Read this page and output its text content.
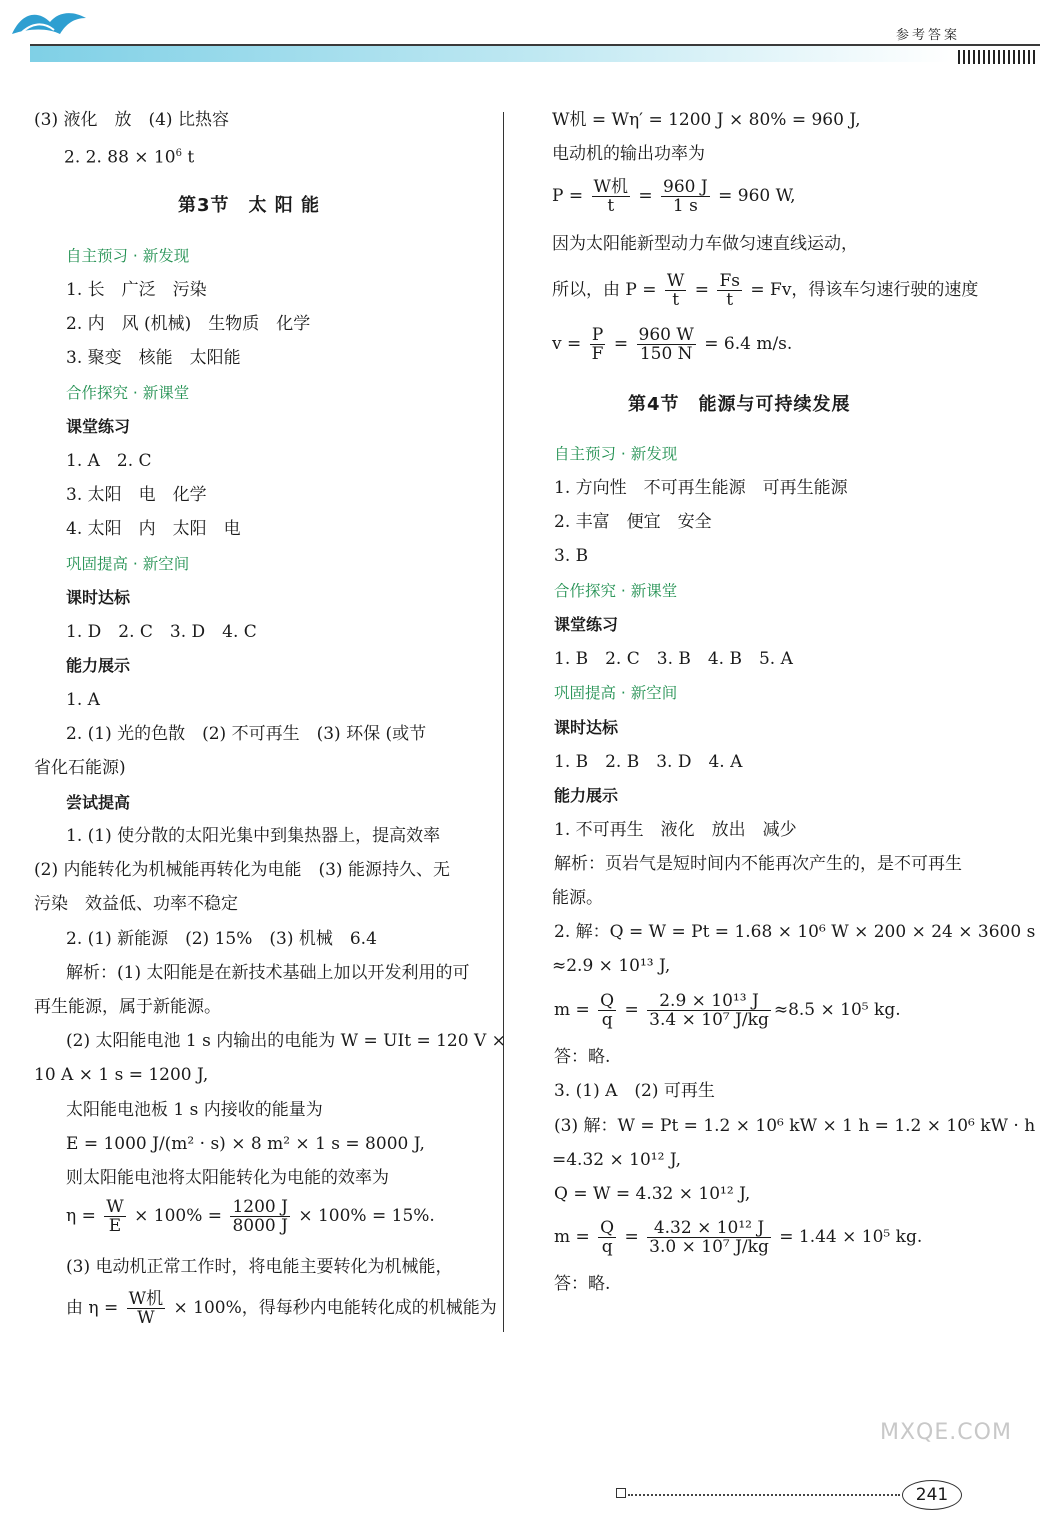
参考答案
(3) 液化　放　(4) 比热容
2. 2. $88 \times 10^6$ t
第3节　太 阳 能
自主预习 · 新发现
1. 长　广泛　污染
2. 内　风 (机械)　生物质　化学
3. 聚变　核能　太阳能
合作探究 · 新课堂
课堂练习
1. A　2. C
3. 太阳　电　化学
4. 太阳　内　太阳　电
巩固提高 · 新空间
课时达标
1. D　2. C　3. D　4. C
能力展示
1. A
2. (1) 光的色散　(2) 不可再生　(3) 环保 (或节
省化石能源)
尝试提高
1. (1) 使分散的太阳光集中到集热器上，提高效率
(2) 内能转化为机械能再转化为电能　(3) 能源持久、无
污染　效益低、功率不稳定
2. (1) 新能源　(2) 15%　(3) 机械　6.4
解析：(1) 太阳能是在新技术基础上加以开发利用的可
再生能源，属于新能源。
(2) 太阳能电池 1 s 内输出的电能为 W = UIt = 120 V ×
10 A × 1 s = 1200 J,
太阳能电池板 1 s 内接收的能量为
E = 1000 J/(m² · s) × 8 m² × 1 s = 8000 J,
则太阳能电池将太阳能转化为电能的效率为
$\eta = \frac{W}{E} \times 100\% = \frac{1200 J}{8000 J} \times 100\% = 15\%$.
(3) 电动机正常工作时，将电能主要转化为机械能，
由 $\eta = \frac{\text{W机}}{W} \times 100\%$，得每秒内电能转化成的机械能为
W机 = Wη′ = 1200 J × 80% = 960 J,
电动机的输出功率为
$P = \frac{\text{W机}}{t} = \frac{960 J}{1 s} = 960$ W,
因为太阳能新型动力车做匀速直线运动，
所以，由 $P = \frac{W}{t} = \frac{Fs}{t} = Fv$，得该车匀速行驶的速度
$v = \frac{P}{F} = \frac{960 W}{150 N} = 6.4$ m/s.
第4节　能源与可持续发展
自主预习 · 新发现
1. 方向性　不可再生能源　可再生能源
2. 丰富　便宜　安全
3. B
合作探究 · 新课堂
课堂练习
1. B　2. C　3. B　4. B　5. A
巩固提高 · 新空间
课时达标
1. B　2. B　3. D　4. A
能力展示
1. 不可再生　液化　放出　减少
解析：页岩气是短时间内不能再次产生的，是不可再生
能源。
2. 解：Q = W = Pt = 1.68 × 10⁶ W × 200 × 24 × 3600 s
≈2.9 × 10¹³ J,
$m = \frac{Q}{q} = \frac{\text{2.9 × 10¹³ J}}{\text{3.4 × 10⁷ J/kg}} \approx 8.5 \times 10^5$ kg.
答：略.
3. (1) A　(2) 可再生
(3) 解：W = Pt = 1.2 × 10⁶ kW × 1 h = 1.2 × 10⁶ kW · h
=4.32 × 10¹² J,
Q = W = 4.32 × 10¹² J,
$m = \frac{Q}{q} = \frac{\text{4.32 × 10¹² J}}{\text{3.0 × 10⁷ J/kg}} = 1.44 \times 10^5$ kg.
答：略.
MXQE.COM
241
